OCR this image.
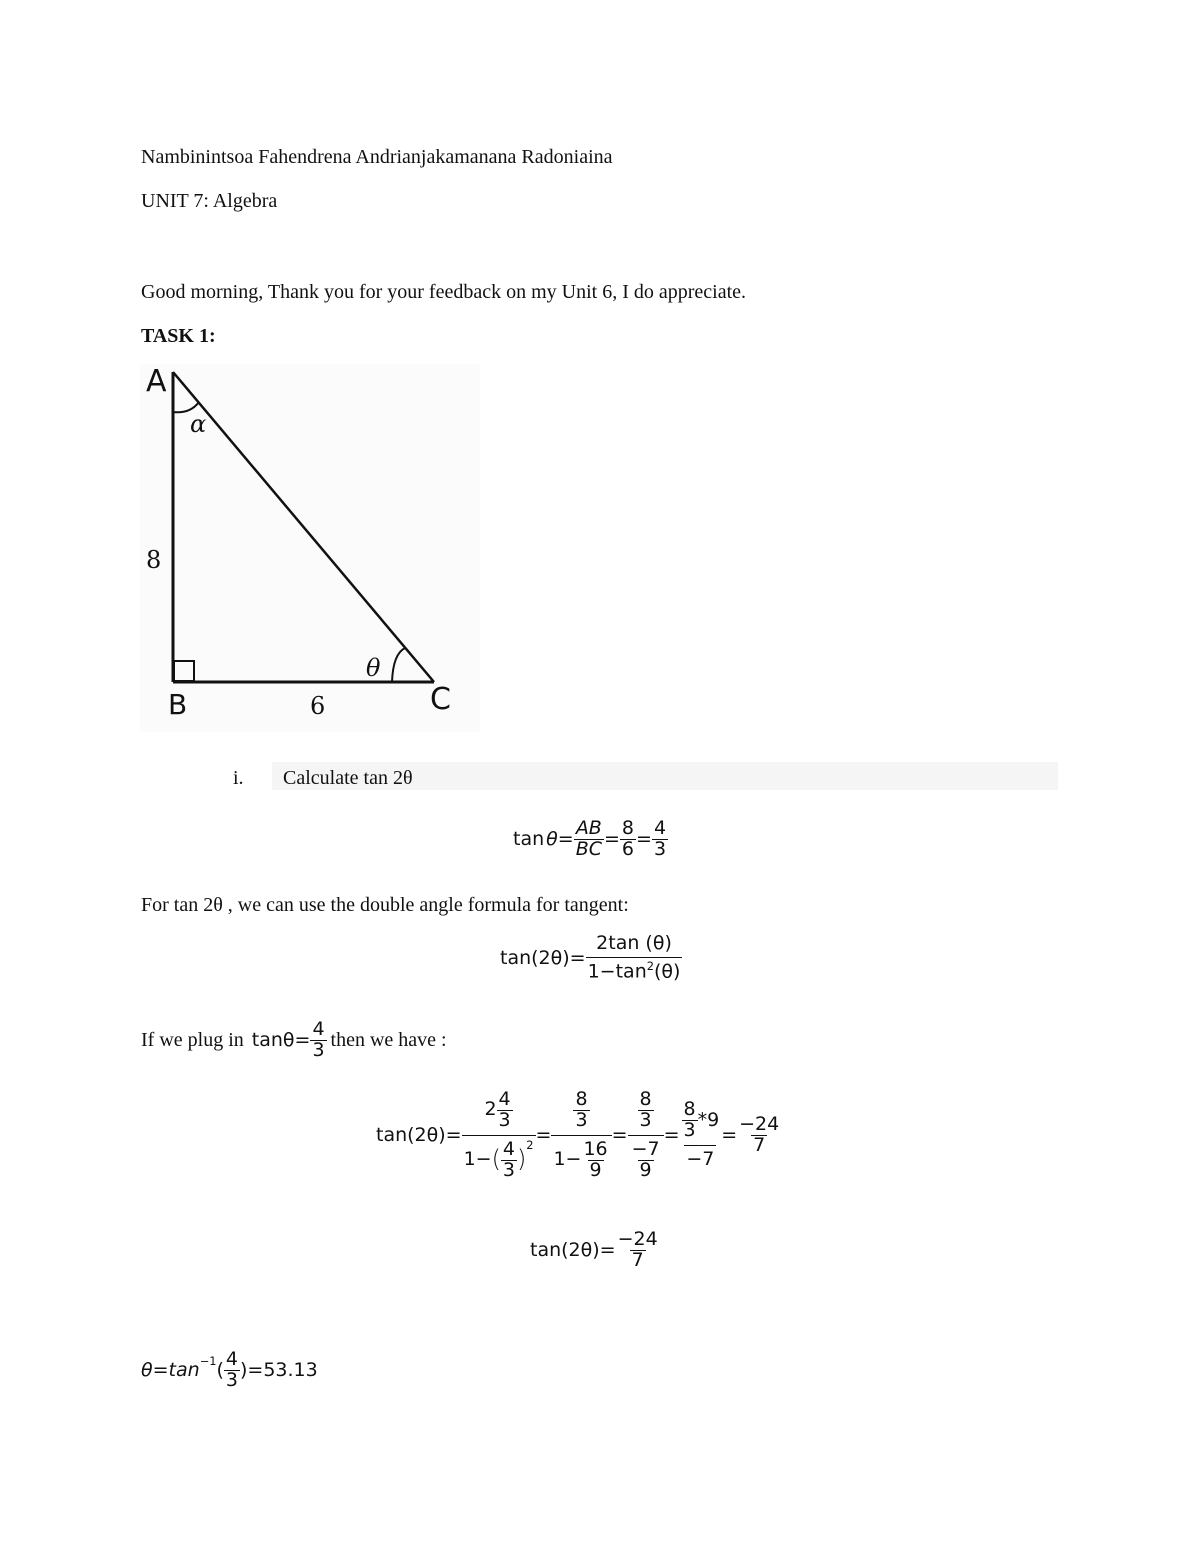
Nambinintsoa Fahendrena Andrianjakamanana Radoniaina
UNIT 7: Algebra
Good morning, Thank you for your feedback on my Unit 6, I do appreciate.
TASK 1:
A
B	C
α
θ
8
6
i. Calculate tan 2θ
$\tan \theta = \frac{AB}{BC} = \frac{8}{6} = \frac{4}{3}$
For tan 2θ , we can use the double angle formula for tangent:
$\tan(2\theta)= \frac{2\tan (\theta)}{1-\tan^2(\theta)}$
If we plug in $\tan\theta= \frac{4}{3}$ then we have :
$\tan(2\theta)= 2 \frac{4}{3}$
1− ( $\frac{4}{3}$ )
$^2 = \frac{\frac{8}{3}}{1- \frac{16}{9}} = \frac{\frac{8}{3}}{\frac{-7}{9}} = \frac{\frac{8}{3} *9}{-7} = \frac{-24}{7}$
$\tan(2\theta)= \frac{-24}{7}$
$\theta=\tan^{-1}$ ( $\frac{4}{3} )=53.13$
